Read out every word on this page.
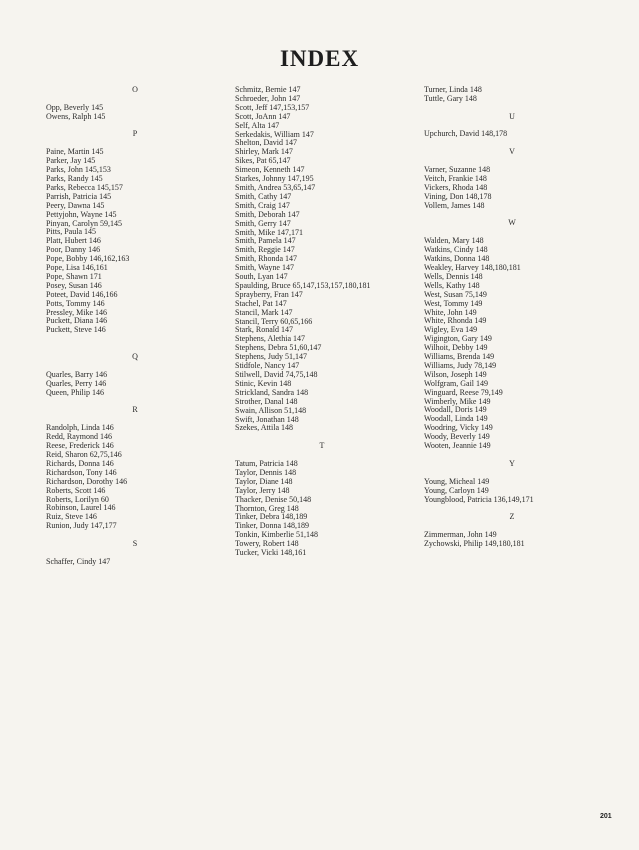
INDEX
O
Opp, Beverly 145
Owens, Ralph 145
P
Paine, Martin 145
Parker, Jay 145
Parks, John 145,153
Parks, Randy 145
Parks, Rebecca 145,157
Parrish, Patricia 145
Peery, Dawna 145
Pettyjohn, Wayne 145
Pinyan, Carolyn 59,145
Pitts, Paula 145
Platt, Hubert 146
Poor, Danny 146
Pope, Bobby 146,162,163
Pope, Lisa 146,161
Pope, Shawn 171
Posey, Susan 146
Poteet, David 146,166
Potts, Tommy 146
Pressley, Mike 146
Puckett, Diana 146
Puckett, Steve 146
Q
Quarles, Barry 146
Quarles, Perry 146
Queen, Philip 146
R
Randolph, Linda 146
Redd, Raymond 146
Reese, Frederick 146
Reid, Sharon 62,75,146
Richards, Donna 146
Richardson, Tony 146
Richardson, Dorothy 146
Roberts, Scott 146
Roberts, Lorilyn 60
Robinson, Laurel 146
Ruiz, Steve 146
Runion, Judy 147,177
S
Schaffer, Cindy 147
Schmitz, Bernie 147
Schroeder, John 147
Scott, Jeff 147,153,157
Scott, JoAnn 147
Self, Alta 147
Serkedakis, William 147
Shelton, David 147
Shirley, Mark 147
Sikes, Pat 65,147
Simeon, Kenneth 147
Starkes, Johnny 147,195
Smith, Andrea 53,65,147
Smith, Cathy 147
Smith, Craig 147
Smith, Deborah 147
Smith, Gerry 147
Smith, Mike 147,171
Smith, Pamela 147
Smith, Reggie 147
Smith, Rhonda 147
Smith, Wayne 147
South, Lyan 147
Spaulding, Bruce 65,147,153,157,180,181
Sprayberry, Fran 147
Stachel, Pat 147
Stancil, Mark 147
Stancil, Terry 60,65,166
Stark, Ronald 147
Stephens, Alethia 147
Stephens, Debra 51,60,147
Stephens, Judy 51,147
Stidfole, Nancy 147
Stilwell, David 74,75,148
Stinic, Kevin 148
Strickland, Sandra 148
Strother, Danal 148
Swain, Allison 51,148
Swift, Jonathan 148
Szekes, Attila 148
T
Tatum, Patricia 148
Taylor, Dennis 148
Taylor, Diane 148
Taylor, Jerry 148
Thacker, Denise 50,148
Thornton, Greg 148
Tinker, Debra 148,189
Tinker, Donna 148,189
Tonkin, Kimberlie 51,148
Towery, Robert 148
Tucker, Vicki 148,161
Turner, Linda 148
Tuttle, Gary 148
U
Upchurch, David 148,178
V
Varner, Suzanne 148
Veitch, Frankie 148
Vickers, Rhoda 148
Vining, Don 148,178
Vollem, James 148
W
Walden, Mary 148
Watkins, Cindy 148
Watkins, Donna 148
Weakley, Harvey 148,180,181
Wells, Dennis 148
Wells, Kathy 148
West, Susan 75,149
West, Tommy 149
White, John 149
White, Rhonda 149
Wigley, Eva 149
Wigington, Gary 149
Wilhoit, Debby 149
Williams, Brenda 149
Williams, Judy 78,149
Wilson, Joseph 149
Wolfgram, Gail 149
Winguard, Reese 79,149
Wimberly, Mike 149
Woodall, Doris 149
Woodall, Linda 149
Woodring, Vicky 149
Woody, Beverly 149
Wooten, Jeannie 149
Y
Young, Micheal 149
Young, Carloyn 149
Youngblood, Patricia 136,149,171
Z
Zimmerman, John 149
Zychowski, Philip 149,180,181
201
